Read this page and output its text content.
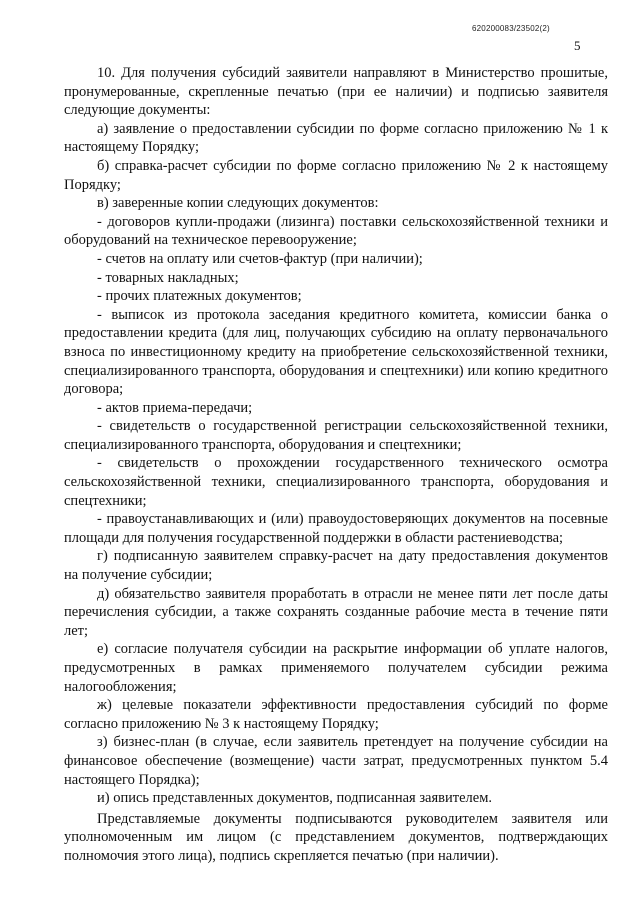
620200083/23502(2)
5

10. Для получения субсидий заявители направляют в Министерство прошитые, пронумерованные, скрепленные печатью (при ее наличии) и подписью заявителя следующие документы:

а) заявление о предоставлении субсидии по форме согласно приложению № 1 к настоящему Порядку;

б) справка-расчет субсидии по форме согласно приложению № 2 к настоящему Порядку;

в) заверенные копии следующих документов:

- договоров купли-продажи (лизинга) поставки сельскохозяйственной техники и оборудований на техническое перевооружение;

- счетов на оплату или счетов-фактур (при наличии);

- товарных накладных;

- прочих платежных документов;

- выписок из протокола заседания кредитного комитета, комиссии банка о предоставлении кредита (для лиц, получающих субсидию на оплату первоначального взноса по инвестиционному кредиту на приобретение сельскохозяйственной техники, специализированного транспорта, оборудования и спецтехники) или копию кредитного договора;

- актов приема-передачи;

- свидетельств о государственной регистрации сельскохозяйственной техники, специализированного транспорта, оборудования и спецтехники;

- свидетельств о прохождении государственного технического осмотра сельскохозяйственной техники, специализированного транспорта, оборудования и спецтехники;

- правоустанавливающих и (или) правоудостоверяющих документов на посевные площади для получения государственной поддержки в области растениеводства;

г) подписанную заявителем справку-расчет на дату предоставления документов на получение субсидии;

д) обязательство заявителя проработать в отрасли не менее пяти лет после даты перечисления субсидии, а также сохранять созданные рабочие места в течение пяти лет;

е) согласие получателя субсидии на раскрытие информации об уплате налогов, предусмотренных в рамках применяемого получателем субсидии режима налогообложения;

ж) целевые показатели эффективности предоставления субсидий по форме согласно приложению № 3 к настоящему Порядку;

з) бизнес-план (в случае, если заявитель претендует на получение субсидии на финансовое обеспечение (возмещение) части затрат, предусмотренных пунктом 5.4 настоящего Порядка);

и) опись представленных документов, подписанная заявителем.

Представляемые документы подписываются руководителем заявителя или уполномоченным им лицом (с представлением документов, подтверждающих полномочия этого лица), подпись скрепляется печатью (при наличии).
